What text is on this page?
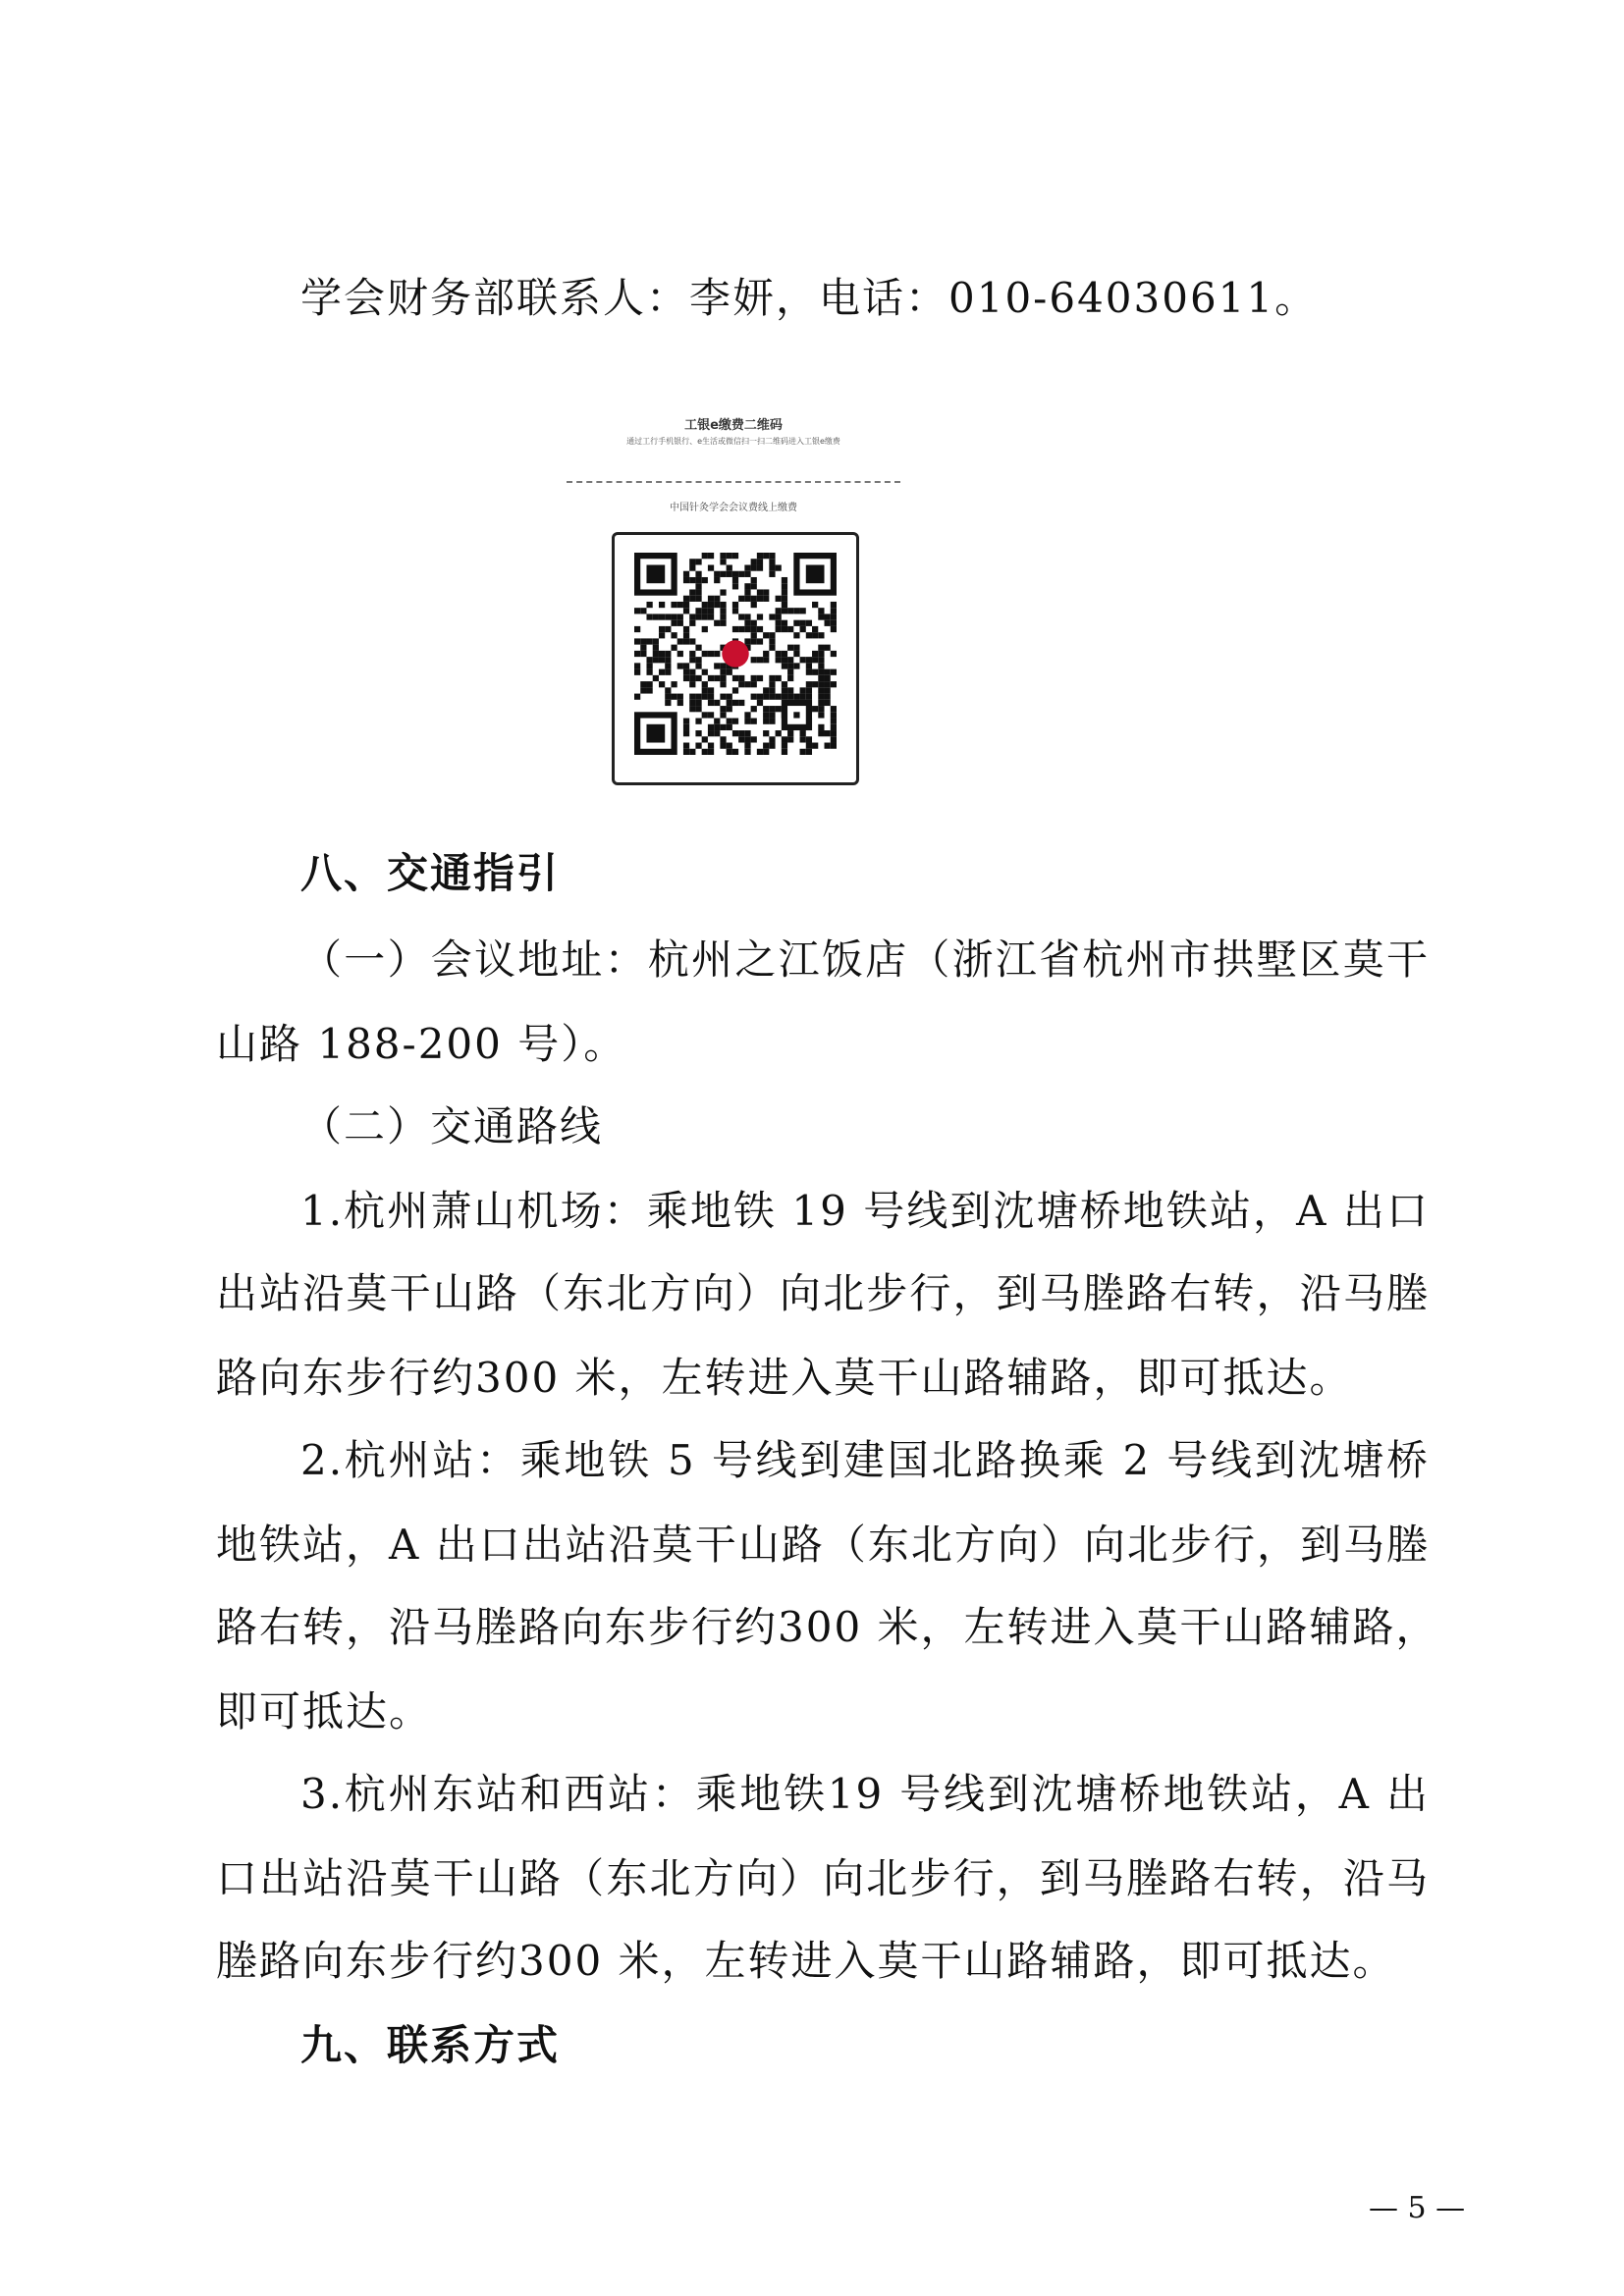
学会财务部联系人：李妍，电话：010-64030611。
工银e缴费二维码
通过工行手机银行、e生活或微信扫一扫二维码进入工银e缴费
中国针灸学会会议费线上缴费
八、交通指引
（一）会议地址：杭州之江饭店（浙江省杭州市拱墅区莫干
山路 188-200 号）。
（二）交通路线
1.杭州萧山机场：乘地铁 19 号线到沈塘桥地铁站，A 出口
出站沿莫干山路（东北方向）向北步行，到马塍路右转，沿马塍
路向东步行约300 米，左转进入莫干山路辅路，即可抵达。
2.杭州站：乘地铁 5 号线到建国北路换乘 2 号线到沈塘桥
地铁站，A 出口出站沿莫干山路（东北方向）向北步行，到马塍
路右转，沿马塍路向东步行约300 米，左转进入莫干山路辅路，
即可抵达。
3.杭州东站和西站：乘地铁19 号线到沈塘桥地铁站，A 出
口出站沿莫干山路（东北方向）向北步行，到马塍路右转，沿马
塍路向东步行约300 米，左转进入莫干山路辅路，即可抵达。
九、联系方式
— 5 —
